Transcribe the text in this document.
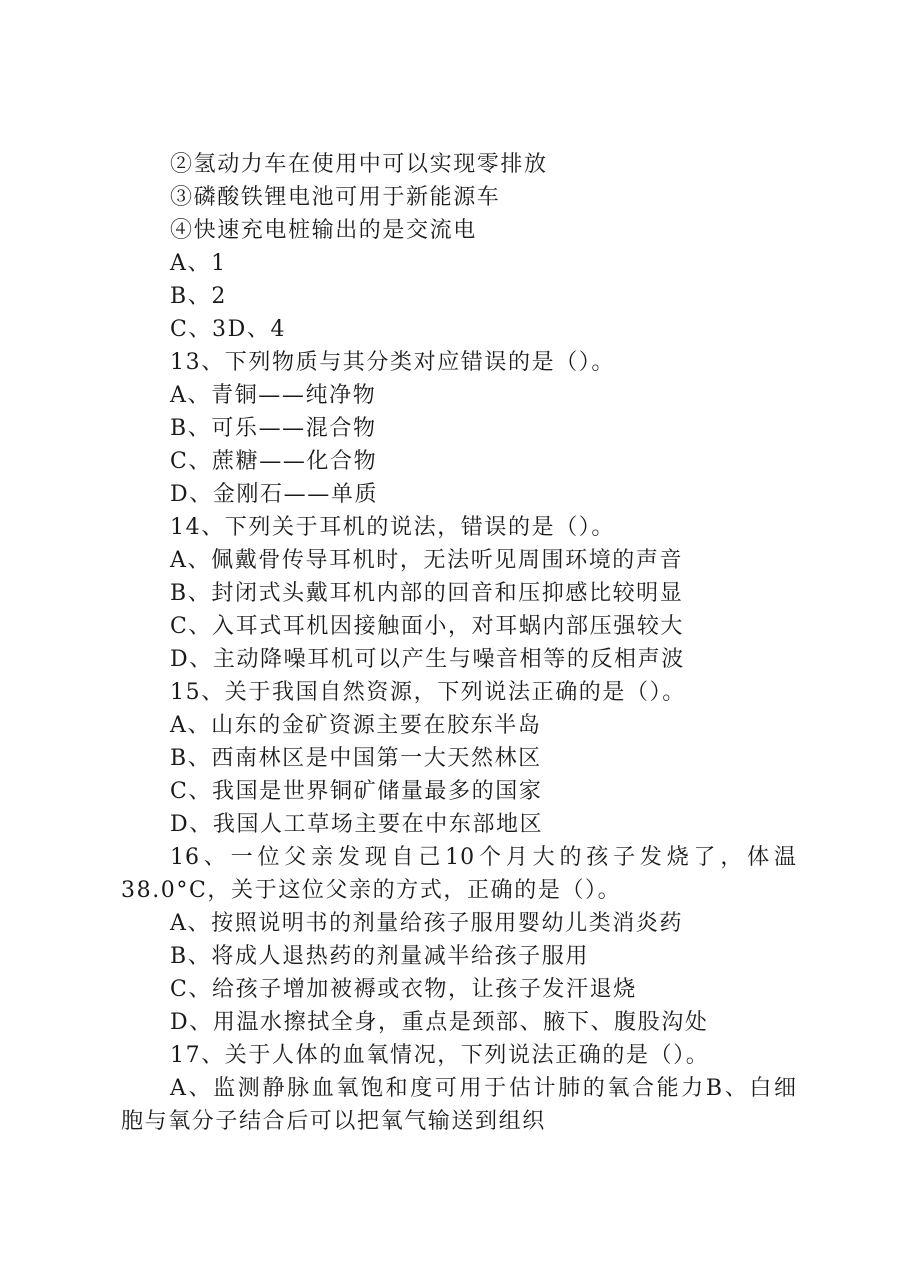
②氢动力车在使用中可以实现零排放
③磷酸铁锂电池可用于新能源车
④快速充电桩输出的是交流电
A、1
B、2
C、3D、4
13、下列物质与其分类对应错误的是（）。
A、青铜——纯净物
B、可乐——混合物
C、蔗糖——化合物
D、金刚石——单质
14、下列关于耳机的说法，错误的是（）。
A、佩戴骨传导耳机时，无法听见周围环境的声音
B、封闭式头戴耳机内部的回音和压抑感比较明显
C、入耳式耳机因接触面小，对耳蜗内部压强较大
D、主动降噪耳机可以产生与噪音相等的反相声波
15、关于我国自然资源，下列说法正确的是（）。
A、山东的金矿资源主要在胶东半岛
B、西南林区是中国第一大天然林区
C、我国是世界铜矿储量最多的国家
D、我国人工草场主要在中东部地区
16、一位父亲发现自己10个月大的孩子发烧了，体温
38.0°C，关于这位父亲的方式，正确的是（）。
A、按照说明书的剂量给孩子服用婴幼儿类消炎药
B、将成人退热药的剂量减半给孩子服用
C、给孩子增加被褥或衣物，让孩子发汗退烧
D、用温水擦拭全身，重点是颈部、腋下、腹股沟处
17、关于人体的血氧情况，下列说法正确的是（）。
A、监测静脉血氧饱和度可用于估计肺的氧合能力B、白细
胞与氧分子结合后可以把氧气输送到组织
